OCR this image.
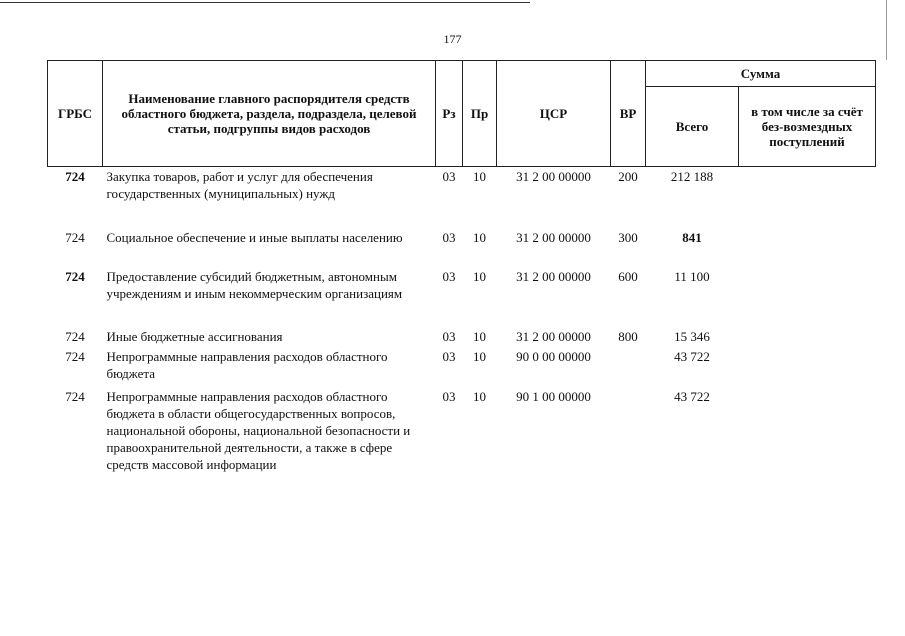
177
ГРБС	Наименование главного распорядителя средств областного бюджета, раздела, подраздела, целевой статьи, подгруппы видов расходов	Рз	Пр	ЦСР	ВР	Сумма	
						Всего	в том числе за счёт без-возмездных поступлений
724	Закупка товаров, работ и услуг для обеспечения государственных (муниципальных) нужд	03	10	31 2 00 00000	200	212 188	
724	Социальное обеспечение и иные выплаты населению	03	10	31 2 00 00000	300	841	
724	Предоставление субсидий бюджетным, автономным учреждениям и иным некоммерческим организациям	03	10	31 2 00 00000	600	11 100	
724	Иные бюджетные ассигнования	03	10	31 2 00 00000	800	15 346	
724	Непрограммные направления расходов областного бюджета	03	10	90 0 00 00000		43 722	
724	Непрограммные направления расходов областного бюджета в области общегосударственных вопросов, национальной обороны, национальной безопасности и правоохранительной деятельности, а также в сфере средств массовой информации	03	10	90 1 00 00000		43 722	
